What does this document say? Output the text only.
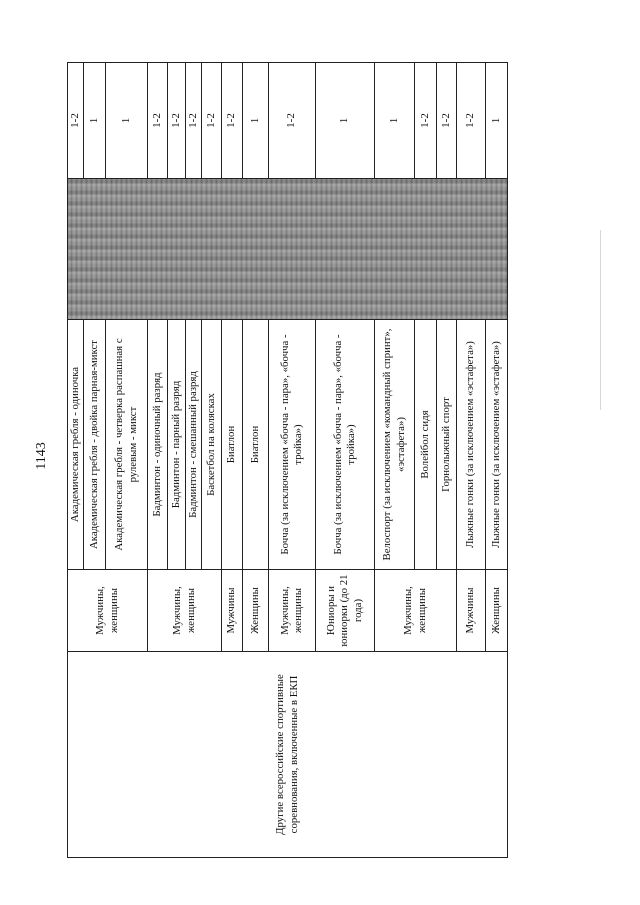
1143
Другие всероссийские спортивные соревнования, включенные в ЕКП	Мужчины, женщины	Академическая гребля - одиночка		1-2
		Академическая гребля - двойка парная-микст		1
		Академическая гребля - четверка распашная с рулевым - микст		1
	Мужчины, женщины	Бадминтон - одиночный разряд		1-2
		Бадминтон - парный разряд		1-2
		Бадминтон - смешанный разряд		1-2
		Баскетбол на колясках		1-2
	Мужчины	Биатлон		1-2
	Женщины	Биатлон		1
	Мужчины, женщины	Бочча (за исключением «бочча - пара», «бочча - тройка»)		1-2
	Юниоры и юниорки (до 21 года)	Бочча (за исключением «бочча - пара», «бочча - тройка»)		1
	Мужчины, женщины	Велоспорт (за исключением «командный спринт», «эстафета»)		1
		Волейбол сидя		1-2
		Горнолыжный спорт		1-2
	Мужчины	Лыжные гонки (за исключением «эстафета»)		1-2
	Женщины	Лыжные гонки (за исключением «эстафета»)		1
